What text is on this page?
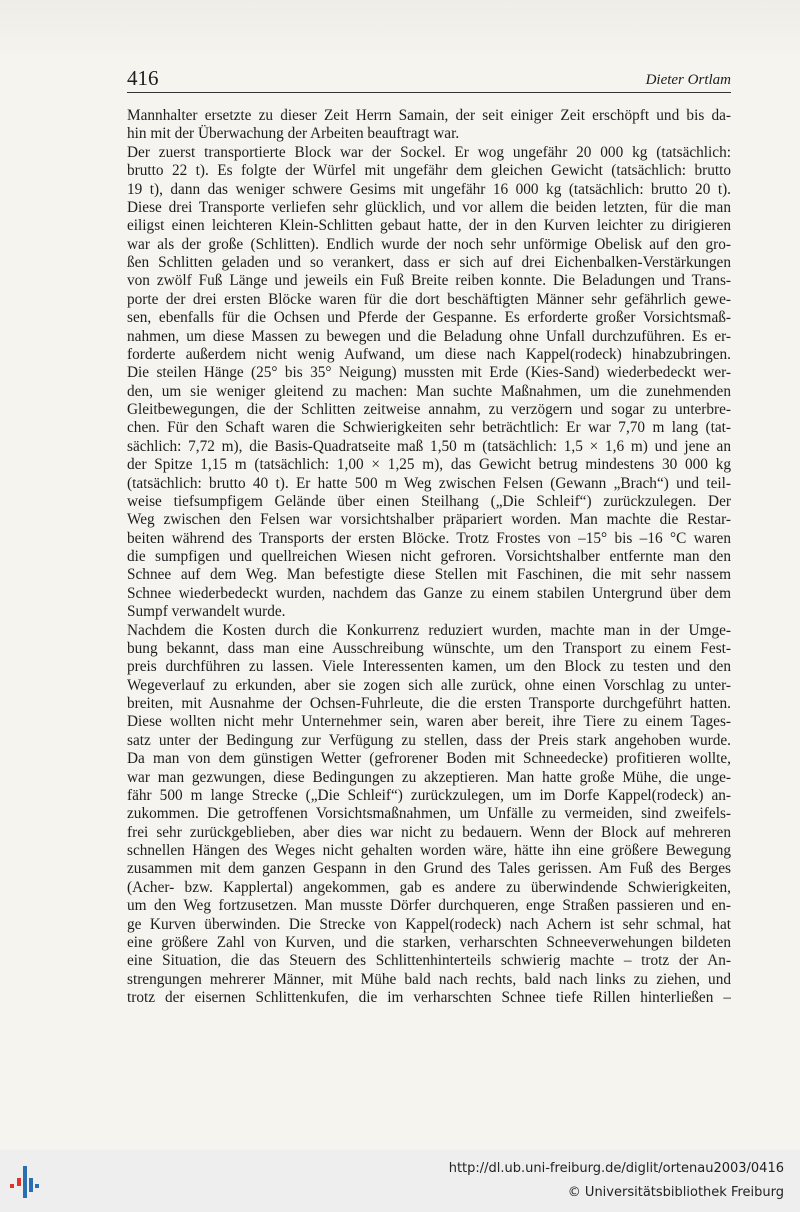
416	Dieter Ortlam
Mannhalter ersetzte zu dieser Zeit Herrn Samain, der seit einiger Zeit erschöpft und bis da-
hin mit der Überwachung der Arbeiten beauftragt war.
Der zuerst transportierte Block war der Sockel. Er wog ungefähr 20 000 kg (tatsächlich:
brutto 22 t). Es folgte der Würfel mit ungefähr dem gleichen Gewicht (tatsächlich: brutto
19 t), dann das weniger schwere Gesims mit ungefähr 16 000 kg (tatsächlich: brutto 20 t).
Diese drei Transporte verliefen sehr glücklich, und vor allem die beiden letzten, für die man
eiligst einen leichteren Klein-Schlitten gebaut hatte, der in den Kurven leichter zu dirigieren
war als der große (Schlitten). Endlich wurde der noch sehr unförmige Obelisk auf den gro-
ßen Schlitten geladen und so verankert, dass er sich auf drei Eichenbalken-Verstärkungen
von zwölf Fuß Länge und jeweils ein Fuß Breite reiben konnte. Die Beladungen und Trans-
porte der drei ersten Blöcke waren für die dort beschäftigten Männer sehr gefährlich gewe-
sen, ebenfalls für die Ochsen und Pferde der Gespanne. Es erforderte großer Vorsichtsmaß-
nahmen, um diese Massen zu bewegen und die Beladung ohne Unfall durchzuführen. Es er-
forderte außerdem nicht wenig Aufwand, um diese nach Kappel(rodeck) hinabzubringen.
Die steilen Hänge (25° bis 35° Neigung) mussten mit Erde (Kies-Sand) wiederbedeckt wer-
den, um sie weniger gleitend zu machen: Man suchte Maßnahmen, um die zunehmenden
Gleitbewegungen, die der Schlitten zeitweise annahm, zu verzögern und sogar zu unterbre-
chen. Für den Schaft waren die Schwierigkeiten sehr beträchtlich: Er war 7,70 m lang (tat-
sächlich: 7,72 m), die Basis-Quadratseite maß 1,50 m (tatsächlich: 1,5 × 1,6 m) und jene an
der Spitze 1,15 m (tatsächlich: 1,00 × 1,25 m), das Gewicht betrug mindestens 30 000 kg
(tatsächlich: brutto 40 t). Er hatte 500 m Weg zwischen Felsen (Gewann „Brach“) und teil-
weise tiefsumpfigem Gelände über einen Steilhang („Die Schleif“) zurückzulegen. Der
Weg zwischen den Felsen war vorsichtshalber präpariert worden. Man machte die Restar-
beiten während des Transports der ersten Blöcke. Trotz Frostes von –15° bis –16 °C waren
die sumpfigen und quellreichen Wiesen nicht gefroren. Vorsichtshalber entfernte man den
Schnee auf dem Weg. Man befestigte diese Stellen mit Faschinen, die mit sehr nassem
Schnee wiederbedeckt wurden, nachdem das Ganze zu einem stabilen Untergrund über dem
Sumpf verwandelt wurde.
Nachdem die Kosten durch die Konkurrenz reduziert wurden, machte man in der Umge-
bung bekannt, dass man eine Ausschreibung wünschte, um den Transport zu einem Fest-
preis durchführen zu lassen. Viele Interessenten kamen, um den Block zu testen und den
Wegeverlauf zu erkunden, aber sie zogen sich alle zurück, ohne einen Vorschlag zu unter-
breiten, mit Ausnahme der Ochsen-Fuhrleute, die die ersten Transporte durchgeführt hatten.
Diese wollten nicht mehr Unternehmer sein, waren aber bereit, ihre Tiere zu einem Tages-
satz unter der Bedingung zur Verfügung zu stellen, dass der Preis stark angehoben wurde.
Da man von dem günstigen Wetter (gefrorener Boden mit Schneedecke) profitieren wollte,
war man gezwungen, diese Bedingungen zu akzeptieren. Man hatte große Mühe, die unge-
fähr 500 m lange Strecke („Die Schleif“) zurückzulegen, um im Dorfe Kappel(rodeck) an-
zukommen. Die getroffenen Vorsichtsmaßnahmen, um Unfälle zu vermeiden, sind zweifels-
frei sehr zurückgeblieben, aber dies war nicht zu bedauern. Wenn der Block auf mehreren
schnellen Hängen des Weges nicht gehalten worden wäre, hätte ihn eine größere Bewegung
zusammen mit dem ganzen Gespann in den Grund des Tales gerissen. Am Fuß des Berges
(Acher- bzw. Kapplertal) angekommen, gab es andere zu überwindende Schwierigkeiten,
um den Weg fortzusetzen. Man musste Dörfer durchqueren, enge Straßen passieren und en-
ge Kurven überwinden. Die Strecke von Kappel(rodeck) nach Achern ist sehr schmal, hat
eine größere Zahl von Kurven, und die starken, verharschten Schneeverwehungen bildeten
eine Situation, die das Steuern des Schlittenhinterteils schwierig machte – trotz der An-
strengungen mehrerer Männer, mit Mühe bald nach rechts, bald nach links zu ziehen, und
trotz der eisernen Schlittenkufen, die im verharschten Schnee tiefe Rillen hinterließen –
http://dl.ub.uni-freiburg.de/diglit/ortenau2003/0416
© Universitätsbibliothek Freiburg
